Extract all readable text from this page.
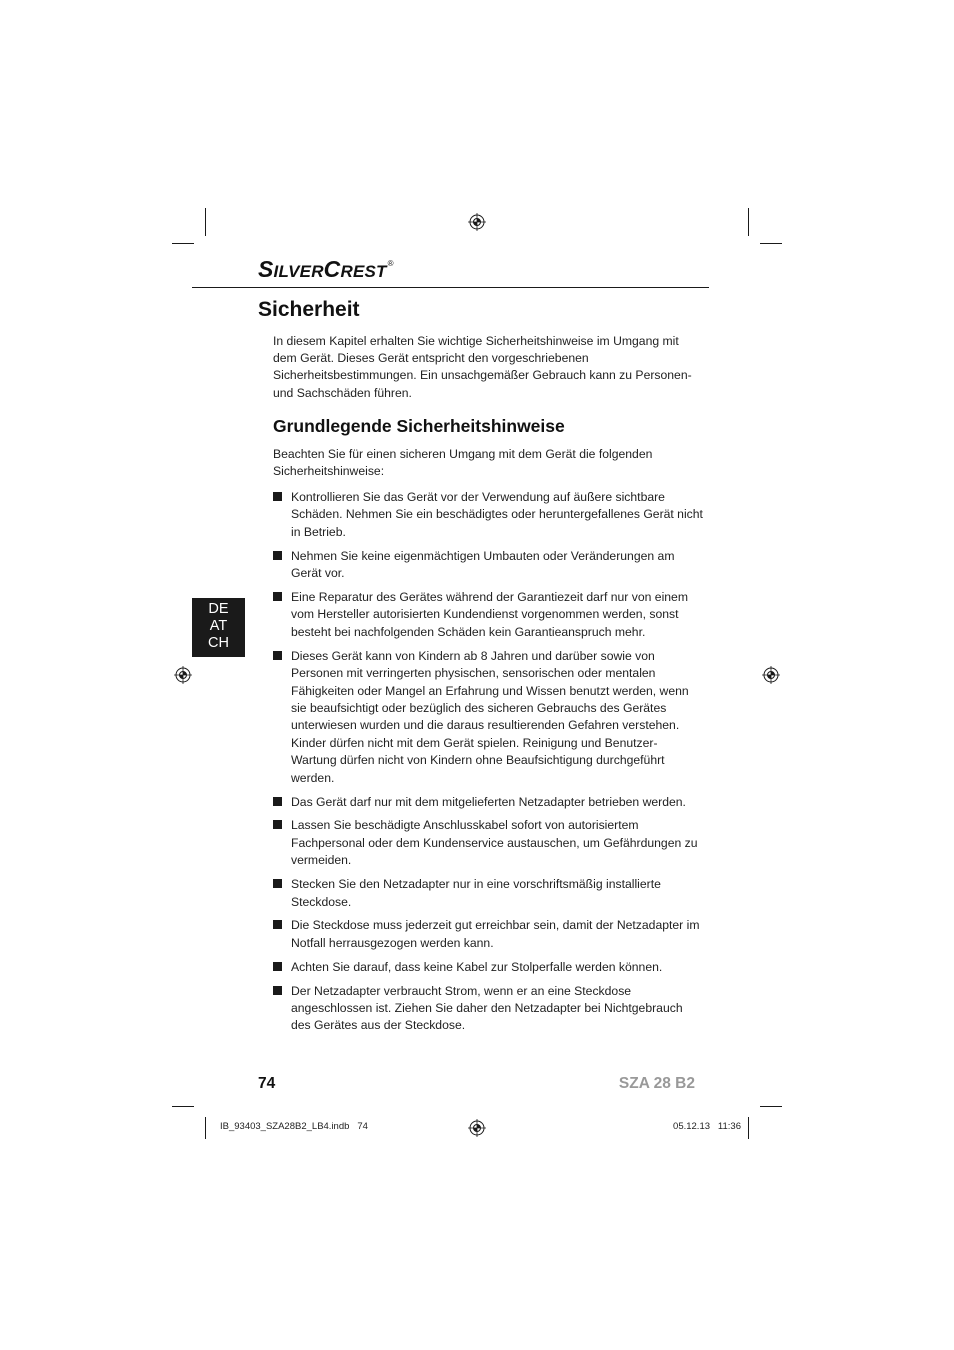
SILVERCREST®
Sicherheit

In diesem Kapitel erhalten Sie wichtige Sicherheitshinweise im Umgang mit dem Gerät. Dieses Gerät entspricht den vorgeschriebenen Sicherheitsbestimmungen. Ein unsachgemäßer Gebrauch kann zu Personen- und Sachschäden führen.

Grundlegende Sicherheitshinweise

Beachten Sie für einen sicheren Umgang mit dem Gerät die folgenden Sicherheitshinweise:

Kontrollieren Sie das Gerät vor der Verwendung auf äußere sichtbare Schäden. Nehmen Sie ein beschädigtes oder heruntergefallenes Gerät nicht in Betrieb.
Nehmen Sie keine eigenmächtigen Umbauten oder Veränderungen am Gerät vor.
Eine Reparatur des Gerätes während der Garantiezeit darf nur von einem vom Hersteller autorisierten Kundendienst vorgenommen werden, sonst besteht bei nachfolgenden Schäden kein Garantieanspruch mehr.
Dieses Gerät kann von Kindern ab 8 Jahren und darüber sowie von Personen mit verringerten physischen, sensorischen oder mentalen Fähigkeiten oder Mangel an Erfahrung und Wissen benutzt werden, wenn sie beaufsichtigt oder bezüglich des sicheren Gebrauchs des Gerätes unterwiesen wurden und die daraus resultierenden Gefahren verstehen. Kinder dürfen nicht mit dem Gerät spielen. Reinigung und Benutzer-Wartung dürfen nicht von Kindern ohne Beaufsichtigung durchgeführt werden.
Das Gerät darf nur mit dem mitgelieferten Netzadapter betrieben werden.
Lassen Sie beschädigte Anschlusskabel sofort von autorisiertem Fachpersonal oder dem Kundenservice austauschen, um Gefährdungen zu vermeiden.
Stecken Sie den Netzadapter nur in eine vorschriftsmäßig installierte Steckdose.
Die Steckdose muss jederzeit gut erreichbar sein, damit der Netzadapter im Notfall herrausgezogen werden kann.
Achten Sie darauf, dass keine Kabel zur Stolperfalle werden können.
Der Netzadapter verbraucht Strom, wenn er an eine Steckdose angeschlossen ist. Ziehen Sie daher den Netzadapter bei Nichtgebrauch des Gerätes aus der Steckdose.
DE
AT
CH
74	SZA 28 B2
IB_93403_SZA28B2_LB4.indb   74	05.12.13   11:36
